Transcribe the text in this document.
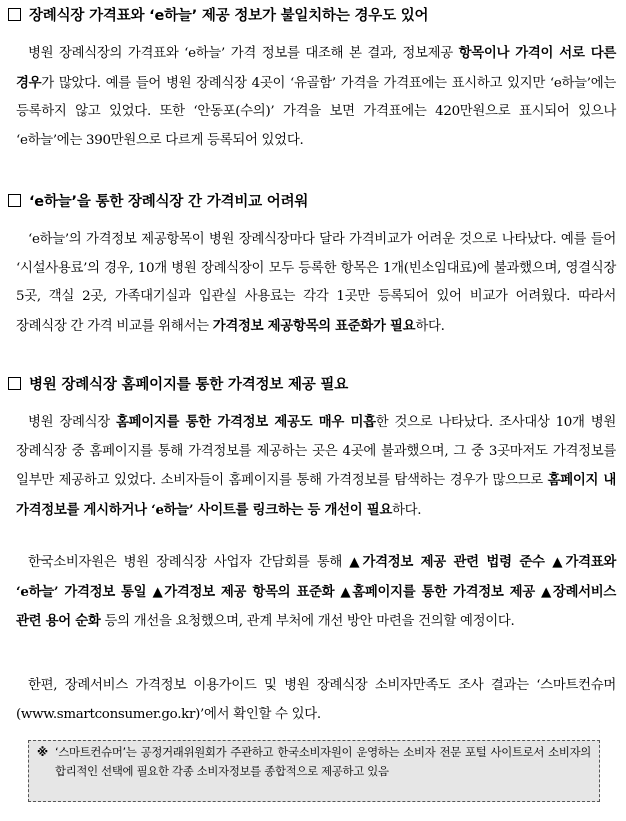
장례식장 가격표와 ‘e하늘’ 제공 정보가 불일치하는 경우도 있어
병원 장례식장의 가격표와 ‘e하늘’ 가격 정보를 대조해 본 결과, 정보제공 항목이나 가격이 서로 다른 경우가 많았다. 예를 들어 병원 장례식장 4곳이 ‘유골함’ 가격을 가격표에는 표시하고 있지만 ‘e하늘’에는 등록하지 않고 있었다. 또한 ‘안동포(수의)’ 가격을 보면 가격표에는 420만원으로 표시되어 있으나 ‘e하늘’에는 390만원으로 다르게 등록되어 있었다.
‘e하늘’을 통한 장례식장 간 가격비교 어려워
‘e하늘’의 가격정보 제공항목이 병원 장례식장마다 달라 가격비교가 어려운 것으로 나타났다. 예를 들어 ‘시설사용료’의 경우, 10개 병원 장례식장이 모두 등록한 항목은 1개(빈소임대료)에 불과했으며, 영결식장 5곳, 객실 2곳, 가족대기실과 입관실 사용료는 각각 1곳만 등록되어 있어 비교가 어려웠다. 따라서 장례식장 간 가격 비교를 위해서는 가격정보 제공항목의 표준화가 필요하다.
병원 장례식장 홈페이지를 통한 가격정보 제공 필요
병원 장례식장 홈페이지를 통한 가격정보 제공도 매우 미흡한 것으로 나타났다. 조사대상 10개 병원 장례식장 중 홈페이지를 통해 가격정보를 제공하는 곳은 4곳에 불과했으며, 그 중 3곳마저도 가격정보를 일부만 제공하고 있었다. 소비자들이 홈페이지를 통해 가격정보를 탐색하는 경우가 많으므로 홈페이지 내 가격정보를 게시하거나 ‘e하늘’ 사이트를 링크하는 등 개선이 필요하다.
한국소비자원은 병원 장례식장 사업자 간담회를 통해 ▲가격정보 제공 관련 법령 준수 ▲가격표와 ‘e하늘’ 가격정보 통일 ▲가격정보 제공 항목의 표준화 ▲홈페이지를 통한 가격정보 제공 ▲장례서비스 관련 용어 순화 등의 개선을 요청했으며, 관계 부처에 개선 방안 마련을 건의할 예정이다.
한편, 장례서비스 가격정보 이용가이드 및 병원 장례식장 소비자만족도 조사 결과는 ‘스마트컨슈머(www.smartconsumer.go.kr)’에서 확인할 수 있다.
※ ‘스마트컨슈머’는 공정거래위원회가 주관하고 한국소비자원이 운영하는 소비자 전문 포털 사이트로서 소비자의 합리적인 선택에 필요한 각종 소비자정보를 종합적으로 제공하고 있음
